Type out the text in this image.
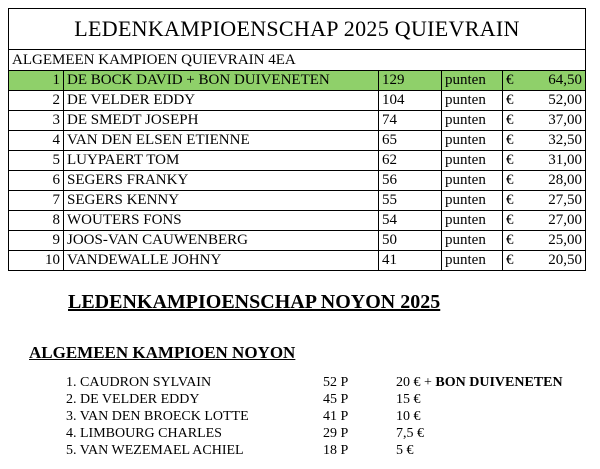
LEDENKAMPIOENSCHAP 2025 QUIEVRAIN
ALGEMEEN KAMPIOEN QUIEVRAIN 4EA
1	DE BOCK DAVID + BON DUIVENETEN	129	punten	€	64,50
2	DE VELDER EDDY	104	punten	€	52,00
3	DE SMEDT JOSEPH	74	punten	€	37,00
4	VAN DEN ELSEN ETIENNE	65	punten	€	32,50
5	LUYPAERT TOM	62	punten	€	31,00
6	SEGERS FRANKY	56	punten	€	28,00
7	SEGERS KENNY	55	punten	€	27,50
8	WOUTERS FONS	54	punten	€	27,00
9	JOOS-VAN CAUWENBERG	50	punten	€	25,00
10	VANDEWALLE JOHNY	41	punten	€	20,50
LEDENKAMPIOENSCHAP NOYON 2025
ALGEMEEN KAMPIOEN NOYON
1. CAUDRON SYLVAIN	52 P	20 € + BON DUIVENETEN
2. DE VELDER EDDY	45 P	15 €
3. VAN DEN BROECK LOTTE	41 P	10 €
4. LIMBOURG CHARLES	29 P	7,5 €
5. VAN WEZEMAEL ACHIEL	18 P	5 €
